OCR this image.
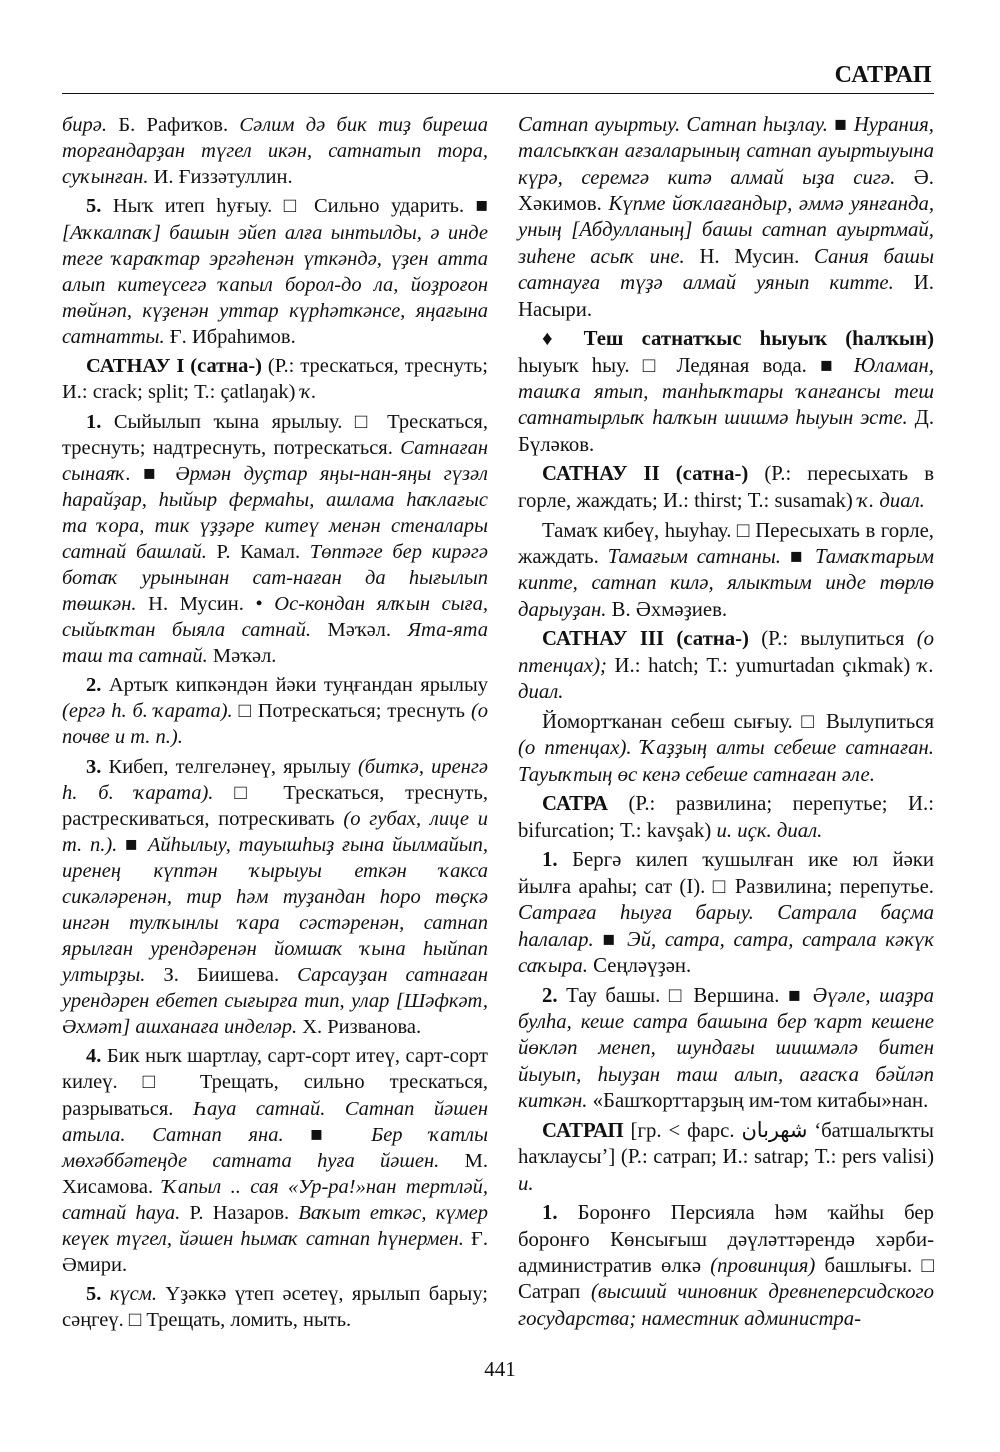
САТРАП

бирә. Б. Рафиҡов. Сәлим дә бик тиҙ биреша торғандарҙан түгел икән, сатнатып тора, суҡынған. И. Ғиззәтуллин.

5. Ныҡ итеп һуғыу. □ Сильно ударить. ■ [Аҡкалпаҡ] башын эйеп алға ынтылды, ә инде теге ҡараҡтар эргәһенән үткәндә, үҙен атта алып китеүсегә ҡапыл борол-до ла, йоҙроғон төйнәп, күҙенән уттар күрһәткәнсе, яңағына сатнатты. Ғ. Ибраһимов.

САТНАУ I (сатна-) (Р.: трескаться, треснуть; И.: crack; split; Т.: çatlaŋak) ҡ.

1. Сыйылып ҡына ярылыу. □ Трескаться, треснуть; надтреснуть, потрескаться. Сатнаған сынаяҡ. ■ Әрмән дуҫтар яңы-нан-яңы гүзәл һарайҙар, һыйыр фермаһы, ашлама һаҡлағыс та ҡора, тик үҙҙәре китеү менән стеналары сатнай башлай. Р. Камал. Төптәге бер кирәгә ботаҡ урынынан сат-наған да һығылып төшкән. Н. Мусин. • Ос-кондан ялҡын сыға, сыйыҡтан быяла сатнай. Мәҡәл. Ята-ята таш та сатнай. Мәҡәл.

2. Артыҡ кипкәндән йәки туңғандан ярылыу (ергә һ. б. ҡарата). □ Потрескаться; треснуть (о почве и т. п.).

3. Кибеп, телгеләнеү, ярылыу (биткә, иренгә һ. б. ҡарата). □ Трескаться, треснуть, растрескиваться, потрескивать (о губах, лице и т. п.). ■ Айһылыу, тауышһыҙ ғына йылмайып, иренең күптән ҡырыуы еткән ҡакса сикәләренән, тир һәм туҙандан һоро төҫкә ингән тулҡынлы ҡара сәстәренән, сатнап ярылған урендәренән йомшаҡ ҡына һыйпап ултырҙы. З. Биишева. Сарсауҙан сатнаған урендәрен ебетеп сығырға тип, улар [Шәфкәт, Әхмәт] ашханаға инделәр. Х. Ризванова.

4. Бик ныҡ шартлау, сарт-сорт итеү, сарт-сорт килеү. □ Трещать, сильно трескаться, разрываться. Һауа сатнай. Сатнап йәшен атыла. Сатнап яна. ■ Бер ҡатлы мөхәббәтеңде сатната һуға йәшен. М. Хисамова. Ҡапыл .. сая «Ур-ра!»нан тертләй, сатнай һауа. Р. Назаров. Ваҡыт еткәс, күмер кеүек түгел, йәшен һымаҡ сатнап һүнермен. Ғ. Әмири.

5. күсм. Үҙәккә үтеп әсетеү, ярылып барыу; сәңгеү. □ Трещать, ломить, ныть.

Сатнап ауыртыу. Сатнап һыҙлау. ■ Нурания, талсыҡҡан ағзаларының сатнап ауыртыуына күрә, серемгә китә алмай ыҙа сигә. Ә. Хәкимов. Күпме йоҡлағандыр, әммә уянғанда, уның [Абдулланың] башы сатнап ауыртмай, зиһене асыҡ ине. Н. Мусин. Сания башы сатнауға түҙә алмай уянып китте. И. Насыри.

♦ Теш сатнатҡыс һыуыҡ (һалҡын) һыуыҡ һыу. □ Ледяная вода. ■ Юламан, ташҡа ятып, танһыҡтары ҡанғансы теш сатнатырлыҡ һалҡын шишмә һыуын эсте. Д. Бүләков.

САТНАУ II (сатна-) (Р.: пересыхать в горле, жаждать; И.: thirst; Т.: susamak) ҡ. диал.

Тамаҡ кибеү, һыуһау. □ Пересыхать в горле, жаждать. Тамағым сатнаны. ■ Тамаҡтарым кипте, сатнап килә, ялыктым инде төрлө дарыуҙан. В. Әхмәҙиев.

САТНАУ III (сатна-) (Р.: вылупиться (о птенцах); И.: hatch; Т.: yumurtadan çıkmak) ҡ. диал.

Йомортҡанан себеш сығыу. □ Вылупиться (о птенцах). Ҡаҙҙың алты себеше сатнаған. Тауыҡтың өс кенә себеше сатнаған әле.

САТРА (Р.: развилина; перепутье; И.: bifurcation; Т.: kavşak) и. иҫк. диал.

1. Бергә килеп ҡушылған ике юл йәки йылға араһы; сат (I). □ Развилина; перепутье. Сатраға һыуға барыу. Сатрала баҫма һалалар. ■ Эй, сатра, сатра, сатрала кәкүк саҡыра. Сеңләүҙән.

2. Тау башы. □ Вершина. ■ Әүәле, шаҙра булһа, кеше сатра башына бер ҡарт кешене йөкләп менеп, шундағы шишмәлә битен йыуып, һыуҙан таш алып, ағасҡа бәйләп киткән. «Башҡорттарҙың им-том китабы»нан.

САТРАП [гр. < фарс. شهربان ‘батшалыҡты һаҡлаусы’] (Р.: сатрап; И.: satrap; Т.: pers valisi) и.

1. Боронғо Персияла һәм ҡайһы бер боронғо Көнсығыш дәүләттәрендә хәрби-административ өлкә (провинция) башлығы. □ Сатрап (высший чиновник древнеперсидского государства; наместник администра-

441
